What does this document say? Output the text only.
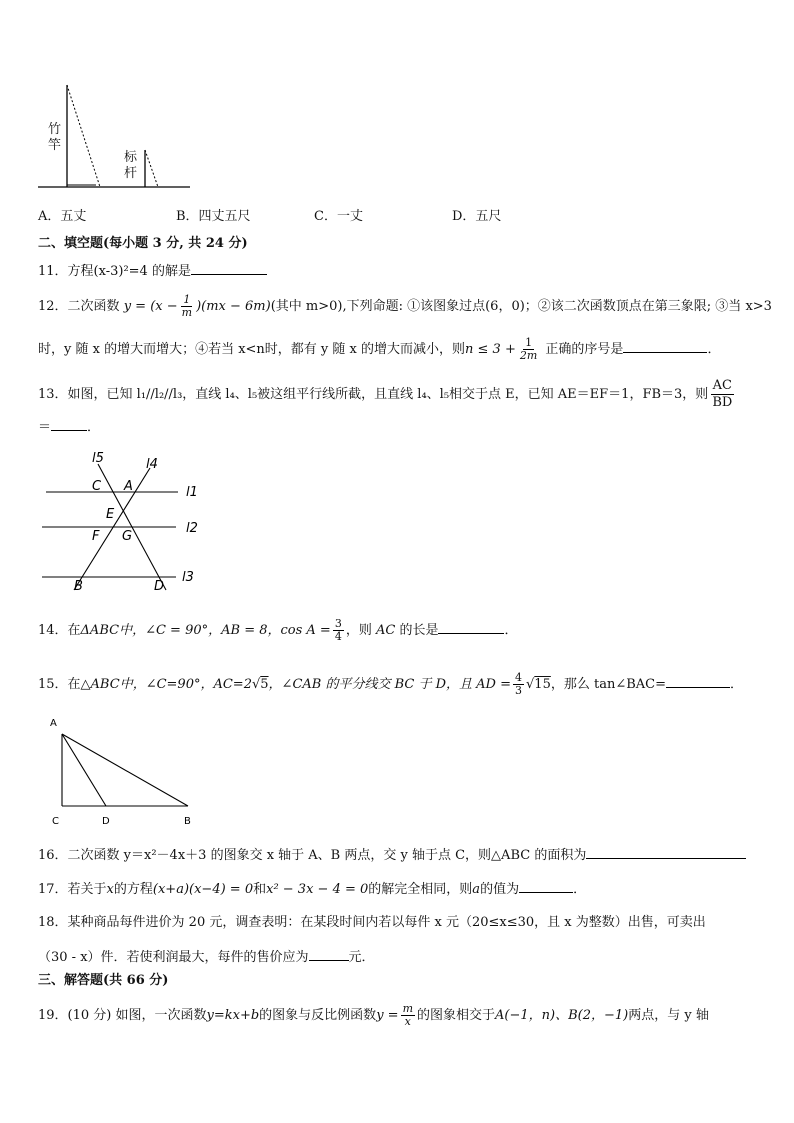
竹竿
标杆
A．五丈	B．四丈五尺	C．一丈	D．五尺
二、填空题(每小题 3 分, 共 24 分)
11．方程(x-3)²=4 的解是
12．二次函数 $y = (x - \frac{1}{m} )(mx - 6m)$(其中 m>0),下列命题: ①该图象过点(6，0)；②该二次函数顶点在第三象限; ③当 x>3
时，y 随 x 的增大而增大；④若当 x<n时，都有 y 随 x 的增大而减小，则$n \le 3 + \frac{1}{2m}$ 正确的序号是	．
13．如图，已知 l₁//l₂//l₃，直线 l₄、l₅被这组平行线所截，且直线 l₄、l₅相交于点 E，已知 AE＝EF＝1，FB＝3，则 $\frac{AC}{BD}$
＝	．
l5	l4
l1
l2
l3
C A
E
F G
B	D
14．在ΔABC中，∠C = 90°，AB = 8，$\cos A = \frac{3}{4}$ ，则 AC 的长是	．
15．在△ABC中，∠C=90°，AC=2√5，∠CAB 的平分线交 BC 于 D，且 AD = $\frac{4}{3} √15$，那么 tan∠BAC=	．
A
C	D	B
16．二次函数 y＝x²－4x＋3 的图象交 x 轴于 A、B 两点，交 y 轴于点 C，则△ABC 的面积为
17．若关于x的方程(x+a)(x−4) = 0和x² − 3x − 4 = 0的解完全相同，则a的值为	．
18．某种商品每件进价为 20 元，调查表明：在某段时间内若以每件 x 元（20≤x≤30，且 x 为整数）出售，可卖出
（30 - x）件．若使利润最大，每件的售价应为	元．
三、解答题(共 66 分)
19．(10 分) 如图，一次函数y=kx+b的图象与反比例函数$y = \frac{m}{x}$ 的图象相交于A(−1，n)、B(2，−1)两点，与 y 轴
